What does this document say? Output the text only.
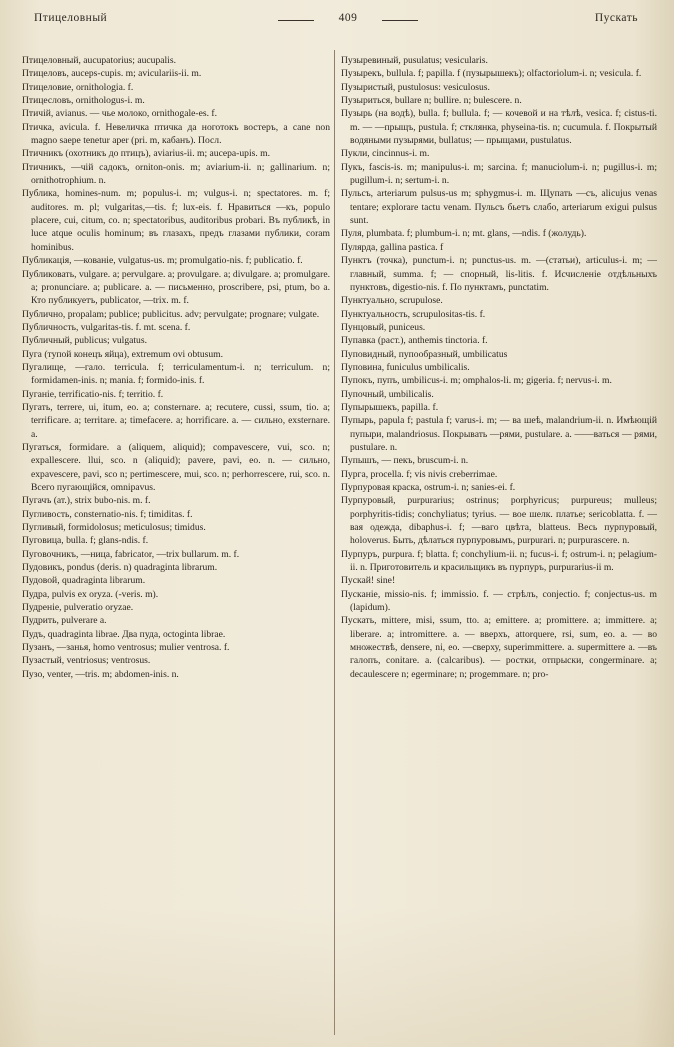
Птицеловный	409	Пускать

Птицеловный, aucupatorius; aucupalis.

Птицеловъ, auceps-cupis. m; aviculariis-ii. m.

Птицеловие, ornithologia. f.

Птицесловъ, ornithologus-i. m.

Птичій, avianus. — чье молоко, ornithogale-es. f.

Птичка, avicula. f. Невеличка птичка да ноготокъ востеръ, a cane non magno saepe tenetur aper (pri. m, кабанъ). Посл.

Птичникъ (охотникъ до птицъ), aviarius-ii. m; aucepa-upis. m.

Птичникъ, —чій садокъ, orniton-onis. m; aviarium-ii. n; gallinarium. n; ornithotrophium. n.

Публика, homines-num. m; populus-i. m; vulgus-i. n; spectatores. m. f; auditores. m. pl; vulgaritas,—tis. f; lux-eis. f. Нравиться —къ, populo placere, cui, citum, co. n; spectatoribus, auditoribus probari. Въ публикѣ, in luce atque oculis hominum; въ глазахъ, предъ глазами публики, coram hominibus.

Публикація, —кованіе, vulgatus-us. m; promulgatio-nis. f; publicatio. f.

Публиковать, vulgare. a; pervulgare. a; provulgare. a; divulgare. a; promulgare. a; pronunciare. a; publicare. a. — письменно, proscribere, psi, ptum, bo a. Кто публикуетъ, publicator, —trix. m. f.

Публично, propalam; publice; publicitus. adv; pervulgate; prognare; vulgate.

Публичность, vulgaritas-tis. f. mt. scena. f.

Публичный, publicus; vulgatus.

Пуга (тупой конецъ яйца), extremum ovi obtusum.

Пугалище, —гало. terricula. f; terriculamentum-i. n; terriculum. n; formidamen-inis. n; mania. f; formido-inis. f.

Пуганіе, terrificatio-nis. f; territio. f.

Пугать, terrere, ui, itum, eo. a; consternare. a; recutere, cussi, ssum, tio. a; terrificare. a; territare. a; timefacere. a; horrificare. a. — сильно, exsternare. a.

Пугаться, formidare. a (aliquem, aliquid); compavescere, vui, sco. n; expallescere. llui, sco. n (aliquid); pavere, pavi, eo. n. — сильно, expavescere, pavi, sco n; pertimescere, mui, sco. n; perhorrescere, rui, sco. n. Всего пугающійся, omnipavus.

Пугачъ (ат.), strix bubo-nis. m. f.

Пугливость, consternatio-nis. f; timiditas. f.

Пугливый, formidolosus; meticulosus; timidus.

Пуговица, bulla. f; glans-ndis. f.

Пуговочникъ, —ница, fabricator, —trix bullarum. m. f.

Пудовикъ, pondus (deris. n) quadraginta librarum.

Пудовой, quadraginta librarum.

Пудра, pulvis ex oryza. (-veris. m).

Пудреніе, pulveratio oryzae.

Пудрить, pulverare a.

Пудъ, quadraginta librae. Два пуда, octoginta librae.

Пузанъ, —занья, homo ventrosus; mulier ventrosa. f.

Пузастый, ventriosus; ventrosus.

Пузо, venter, —tris. m; abdomen-inis. n.

Пузыревиный, pusulatus; vesicularis.

Пузырекъ, bullula. f; papilla. f (пузырышекъ); olfactoriolum-i. n; vesicula. f.

Пузыристый, pustulosus: vesiculosus.

Пузыриться, bullare n; bullire. n; bulescere. n.

Пузырь (на водѣ), bulla. f; bullula. f; — кочевой и на тѣлѣ, vesica. f; cistus-ti. m. — —прыщъ, pustula. f; стклянка, physeina-tis. n; cucumula. f. Покрытый водяными пузырями, bullatus; — прыщами, pustulatus.

Пукли, cincinnus-i. m.

Пукъ, fascis-is. m; manipulus-i. m; sarcina. f; manuciolum-i. n; pugillus-i. m; pugillum-i. n; sertum-i. n.

Пульсъ, arteriarum pulsus-us m; sphygmus-i. m. Щупать —съ, alicujus venas tentare; explorare tactu venam. Пульсъ бьетъ слабо, arteriarum exigui pulsus sunt.

Пуля, plumbata. f; plumbum-i. n; mt. glans, —ndis. f (жолудь).

Пулярда, gallina pastica. f

Пунктъ (точка), punctum-i. n; punctus-us. m. —(статьи), articulus-i. m; — главный, summa. f; — спорный, lis-litis. f. Исчисленіе отдѣльныхъ пунктовъ, digestio-nis. f. По пунктамъ, punctatim.

Пунктуально, scrupulose.

Пунктуальность, scrupulositas-tis. f.

Пунцовый, puniceus.

Пупавка (раст.), anthemis tinctoria. f.

Пуповидный, пупообразный, umbilicatus

Пуповина, funiculus umbilicalis.

Пупокъ, пупъ, umbilicus-i. m; omphalos-li. m; gigeria. f; nervus-i. m.

Пупочный, umbilicalis.

Пупырышекъ, papilla. f.

Пупырь, papula f; pastula f; varus-i. m; — ва шеѣ, malandrium-ii. n. Имѣющій пупыри, malandriosus. Покрывать —рями, pustulare. a. ——ваться — рями, pustulare. n.

Пупышъ, — пекъ, bruscum-i. n.

Пурга, procella. f; vis nivis creberrimae.

Пурпуровая краска, ostrum-i. n; sanies-ei. f.

Пурпуровый, purpurarius; ostrinus; porphyricus; purpureus; mulleus; porphyritis-tidis; conchyliatus; tyrius. — вое шелк. платье; sericoblatta. f. — вая одежда, dibaphus-i. f; —ваго цвѣта, blatteus. Весь пурпуровый, holoverus. Быть, дѣлаться пурпуровымъ, purpurari. n; purpurascere. n.

Пурпуръ, purpura. f; blatta. f; conchylium-ii. n; fucus-i. f; ostrum-i. n; pelagium-ii. n. Приготовитель и красильщикъ въ пурпуръ, purpurarius-ii m.

Пускай! sine!

Пусканіе, missio-nis. f; immissio. f. — стрѣлъ, conjectio. f; conjectus-us. m (lapidum).

Пускать, mittere, misi, ssum, tto. a; emittere. a; promittere. a; immittere. a; liberare. a; intromittere. a. — вверхъ, attorquere, rsi, sum, eo. a. — во множествѣ, densere, ni, eo. —сверху, superimmittere. a. supermittere a. —въ галопъ, conitare. a. (calcaribus). — ростки, отпрыски, congerminare. a; decaulescere n; egerminare; n; progemmare. n; pro-
